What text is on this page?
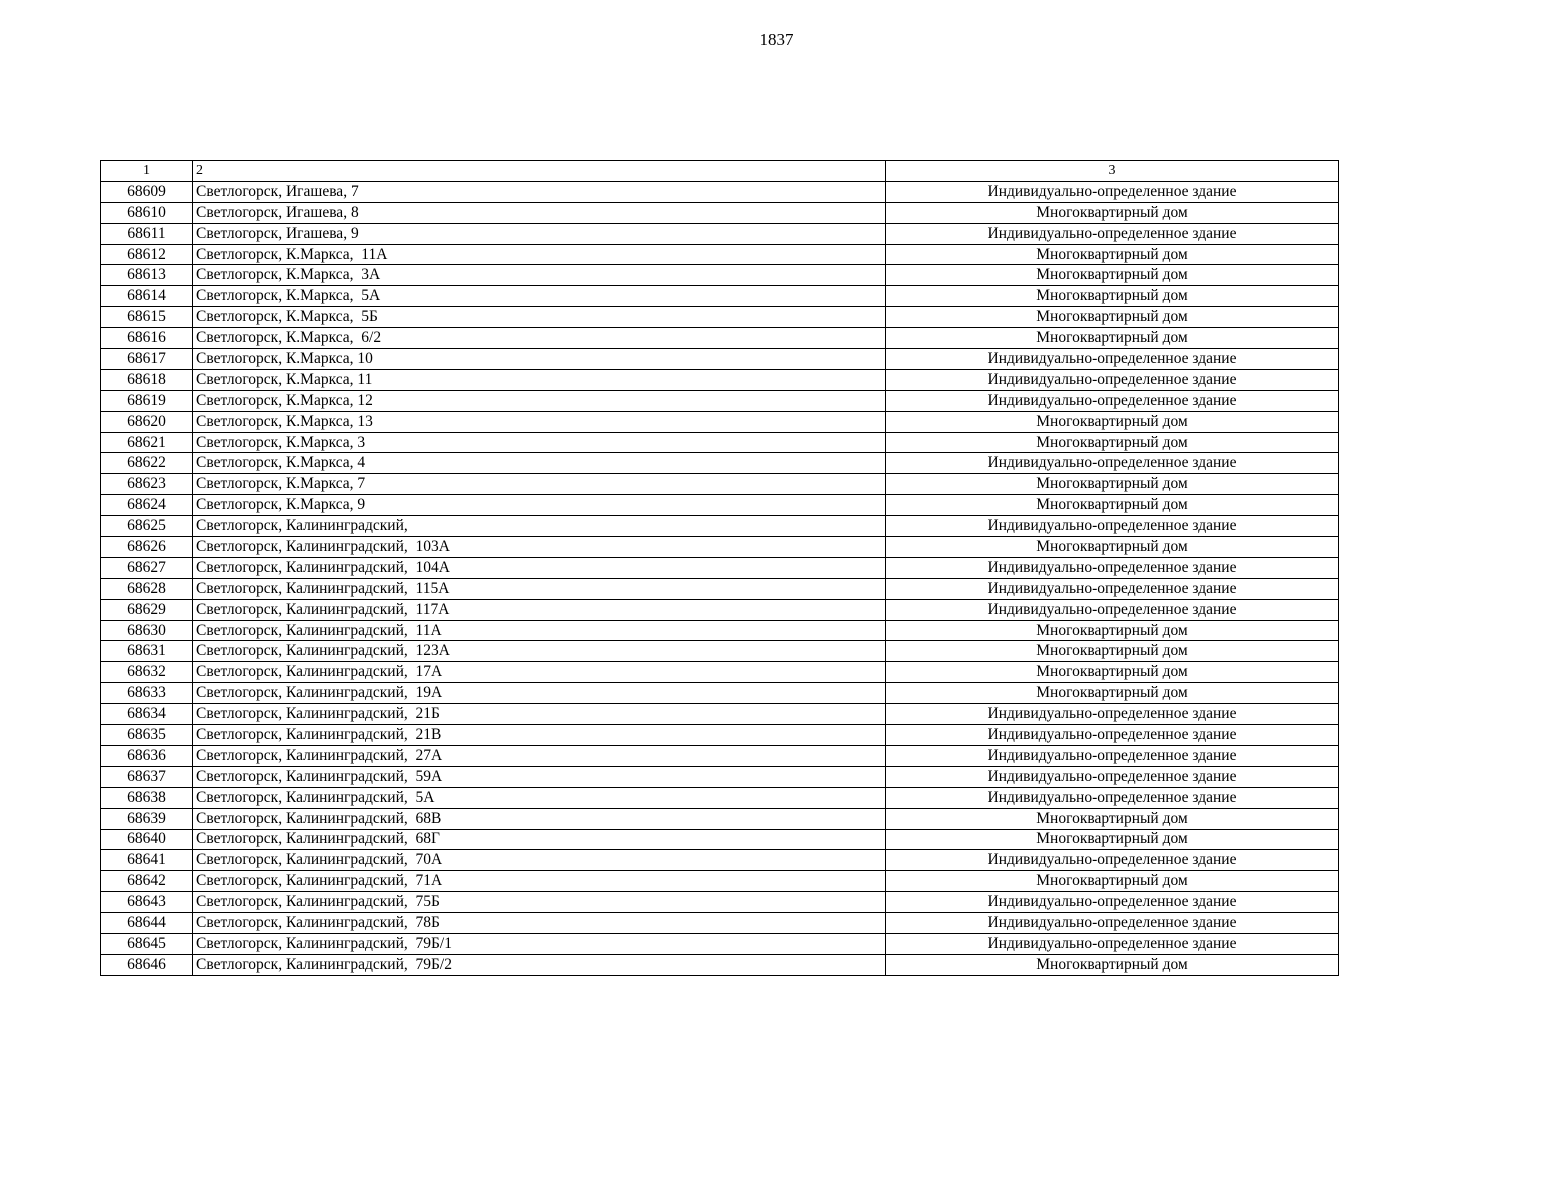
1837
1	2	3
68609	Светлогорск, Игашева, 7	Индивидуально-определенное здание
68610	Светлогорск, Игашева, 8	Многоквартирный дом
68611	Светлогорск, Игашева, 9	Индивидуально-определенное здание
68612	Светлогорск, К.Маркса,  11А	Многоквартирный дом
68613	Светлогорск, К.Маркса,  3А	Многоквартирный дом
68614	Светлогорск, К.Маркса,  5А	Многоквартирный дом
68615	Светлогорск, К.Маркса,  5Б	Многоквартирный дом
68616	Светлогорск, К.Маркса,  6/2	Многоквартирный дом
68617	Светлогорск, К.Маркса, 10	Индивидуально-определенное здание
68618	Светлогорск, К.Маркса, 11	Индивидуально-определенное здание
68619	Светлогорск, К.Маркса, 12	Индивидуально-определенное здание
68620	Светлогорск, К.Маркса, 13	Многоквартирный дом
68621	Светлогорск, К.Маркса, 3	Многоквартирный дом
68622	Светлогорск, К.Маркса, 4	Индивидуально-определенное здание
68623	Светлогорск, К.Маркса, 7	Многоквартирный дом
68624	Светлогорск, К.Маркса, 9	Многоквартирный дом
68625	Светлогорск, Калининградский,	Индивидуально-определенное здание
68626	Светлогорск, Калининградский,  103А	Многоквартирный дом
68627	Светлогорск, Калининградский,  104А	Индивидуально-определенное здание
68628	Светлогорск, Калининградский,  115А	Индивидуально-определенное здание
68629	Светлогорск, Калининградский,  117А	Индивидуально-определенное здание
68630	Светлогорск, Калининградский,  11А	Многоквартирный дом
68631	Светлогорск, Калининградский,  123А	Многоквартирный дом
68632	Светлогорск, Калининградский,  17А	Многоквартирный дом
68633	Светлогорск, Калининградский,  19А	Многоквартирный дом
68634	Светлогорск, Калининградский,  21Б	Индивидуально-определенное здание
68635	Светлогорск, Калининградский,  21В	Индивидуально-определенное здание
68636	Светлогорск, Калининградский,  27А	Индивидуально-определенное здание
68637	Светлогорск, Калининградский,  59А	Индивидуально-определенное здание
68638	Светлогорск, Калининградский,  5А	Индивидуально-определенное здание
68639	Светлогорск, Калининградский,  68В	Многоквартирный дом
68640	Светлогорск, Калининградский,  68Г	Многоквартирный дом
68641	Светлогорск, Калининградский,  70А	Индивидуально-определенное здание
68642	Светлогорск, Калининградский,  71А	Многоквартирный дом
68643	Светлогорск, Калининградский,  75Б	Индивидуально-определенное здание
68644	Светлогорск, Калининградский,  78Б	Индивидуально-определенное здание
68645	Светлогорск, Калининградский,  79Б/1	Индивидуально-определенное здание
68646	Светлогорск, Калининградский,  79Б/2	Многоквартирный дом
